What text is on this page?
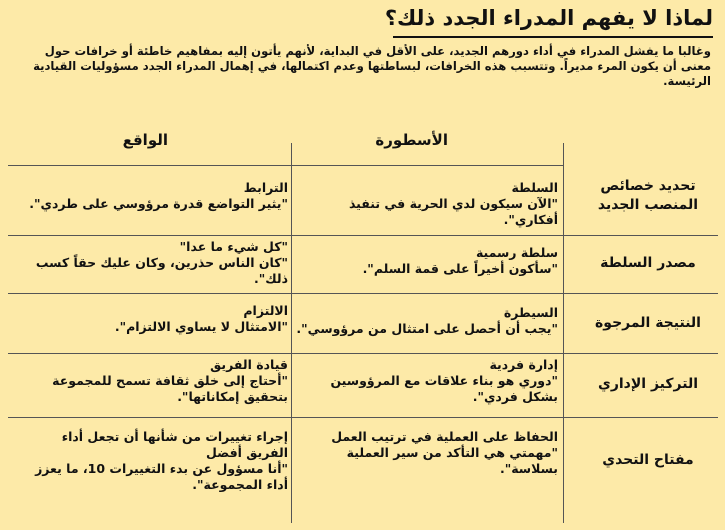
لماذا لا يفهم المدراء الجدد ذلك؟

وغالبا ما يفشل المدراء في أداء دورهم الجديد، على الأقل في البداية، لأنهم يأتون إليه بمفاهيم خاطئة أو خرافات حول معنى أن يكون المرء مديراً. وتتسبب هذه الخرافات، لبساطتها وعدم اكتمالها، في إهمال المدراء الجدد مسؤوليات القيادية الرئيسة.

الأسطورة
الواقع
تحديد خصائص المنصب الجديد
السلطة
"الآن سيكون لدي الحرية في تنفيذ أفكاري".
الترابط
"يثير التواضع قدرة مرؤوسي على طردي".
مصدر السلطة
سلطة رسمية
"سأكون أخيراً على قمة السلم".
"كل شيء ما عدا"
"كان الناس حذرين، وكان عليك حقاً كسب ذلك".
النتيجة المرجوة
السيطرة
"يجب أن أحصل على امتثال من مرؤوسي".
الالتزام
"الامتثال لا يساوي الالتزام".
التركيز الإداري
إدارة فردية
"دوري هو بناء علاقات مع المرؤوسين بشكل فردي".
قيادة الفريق
"أحتاج إلى خلق ثقافة تسمح للمجموعة بتحقيق إمكاناتها".
مفتاح التحدي
الحفاظ على العملية في ترتيب العمل
"مهمتي هي التأكد من سير العملية بسلاسة".
إجراء تغييرات من شأنها أن تجعل أداء الفريق أفضل
"أنا مسؤول عن بدء التغييرات 10، ما يعزز أداء المجموعة".
